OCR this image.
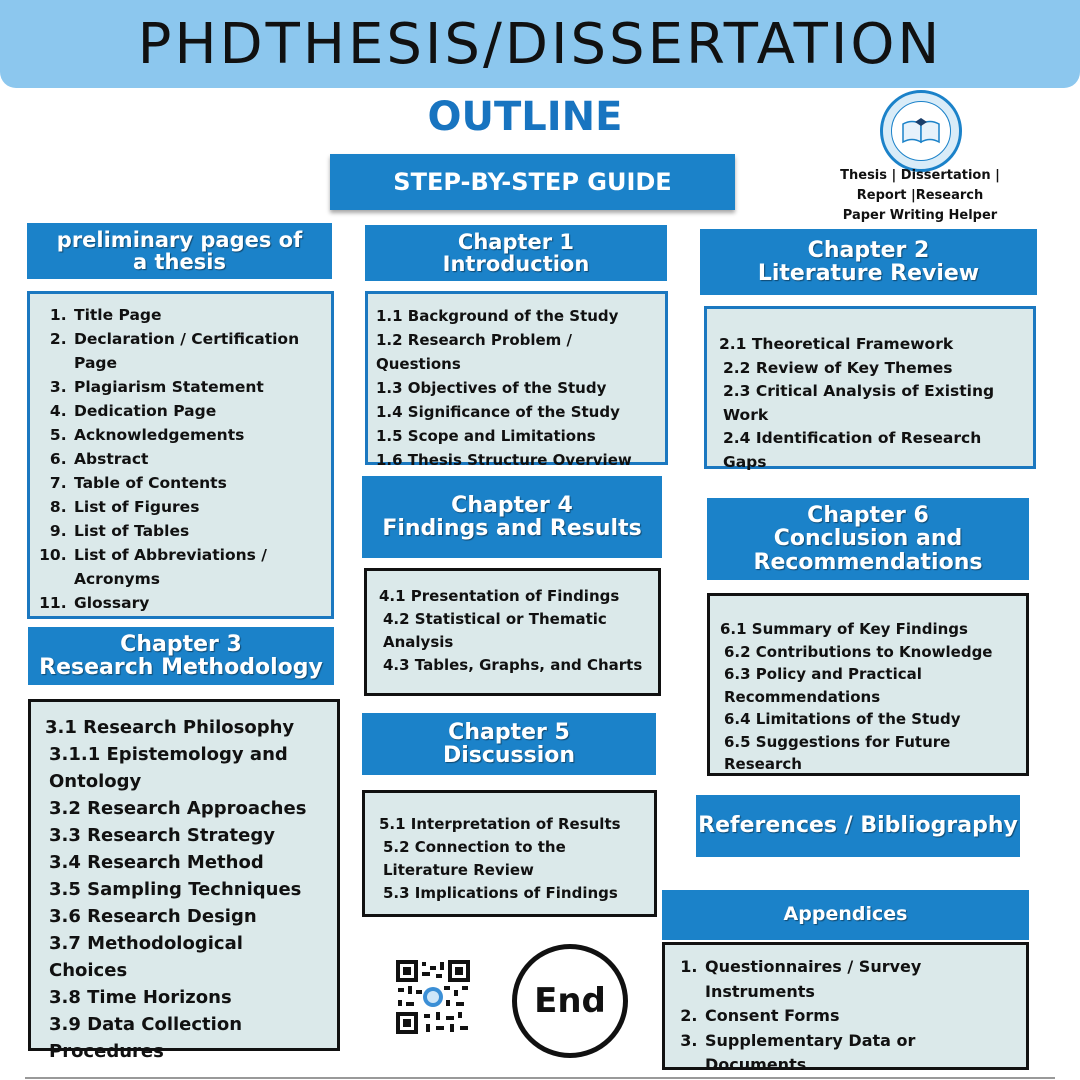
PHDTHESIS/DISSERTATION
OUTLINE
STEP-BY-STEP GUIDE	Thesis | Dissertation |
Report |Research
Paper Writing Helper
preliminary pages of
a thesis
1. Title Page
2. Declaration / Certification Page
3. Plagiarism Statement
4. Dedication Page
5. Acknowledgements
6. Abstract
7. Table of Contents
8. List of Figures
9. List of Tables
10. List of Abbreviations / Acronyms
11. Glossary
Chapter 3
Research Methodology
3.1 Research Philosophy
3.1.1 Epistemology and Ontology
3.2 Research Approaches
3.3 Research Strategy
3.4 Research Method
3.5 Sampling Techniques
3.6 Research Design
3.7 Methodological Choices
3.8 Time Horizons
3.9 Data Collection Procedures
Chapter 1
Introduction
1.1 Background of the Study
1.2 Research Problem / Questions
1.3 Objectives of the Study
1.4 Significance of the Study
1.5 Scope and Limitations
1.6 Thesis Structure Overview
Chapter 4
Findings and Results
4.1 Presentation of Findings
4.2 Statistical or Thematic Analysis
4.3 Tables, Graphs, and Charts
Chapter 5
Discussion
5.1 Interpretation of Results
5.2 Connection to the Literature Review
5.3 Implications of Findings
End
Chapter 2
Literature Review
2.1 Theoretical Framework
2.2 Review of Key Themes
2.3 Critical Analysis of Existing Work
2.4 Identification of Research Gaps
Chapter 6
Conclusion and
Recommendations
6.1 Summary of Key Findings
6.2 Contributions to Knowledge
6.3 Policy and Practical Recommendations
6.4 Limitations of the Study
6.5 Suggestions for Future Research
References / Bibliography
Appendices
1. Questionnaires / Survey Instruments
2. Consent Forms
3. Supplementary Data or Documents
